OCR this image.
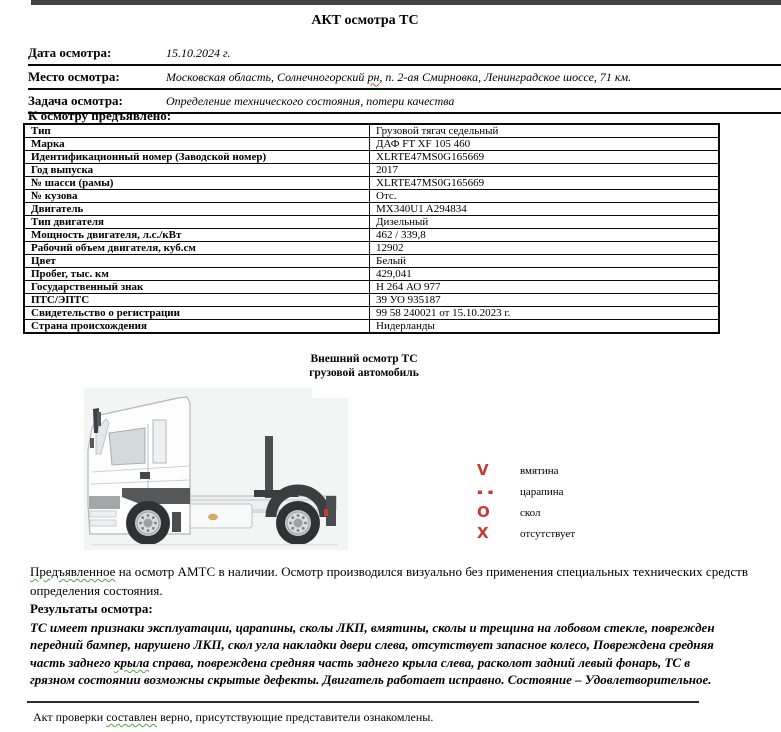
АКТ осмотра ТС
Дата осмотра:	15.10.2024 г.
Место осмотра:	Московская область, Солнечногорский рн, п. 2-ая Смирновка, Ленинградское шоссе, 71 км.
Задача осмотра:	Определение технического состояния, потери качества
К осмотру предъявлено:
Тип	Грузовой тягач седельный
Марка	ДАФ FT XF 105 460
Идентификационный номер (Заводской номер)	XLRTE47MS0G165669
Год выпуска	2017
№ шасси (рамы)	XLRTE47MS0G165669
№ кузова	Отс.
Двигатель	MX340U1 A294834
Тип двигателя	Дизельный
Мощность двигателя, л.с./кВт	462 / 339,8
Рабочий объем двигателя, куб.см	12902
Цвет	Белый
Пробег, тыс. км	429,041
Государственный знак	Н 264 АО 977
ПТС/ЭПТС	39 УО 935187
Свидетельство о регистрации	99 58 240021 от 15.10.2023 г.
Страна происхождения	Нидерланды
Внешний осмотр ТС
грузовой автомобиль
V	вмятина
- -	царапина
O	скол
X	отсутствует
Предъявленное на осмотр АМТС в наличии. Осмотр производился визуально без применения специальных технических средств определения состояния.
Результаты осмотра:
ТС имеет признаки эксплуатации, царапины, сколы ЛКП, вмятины, сколы и трещина на лобовом стекле, поврежден передний бампер, нарушено ЛКП, скол угла накладки двери слева, отсутствует запасное колесо, Повреждена средняя часть заднего крыла справа, повреждена средняя часть заднего крыла слева, расколот задний левый фонарь, ТС в грязном состоянии возможны скрытые дефекты. Двигатель работает исправно. Состояние – Удовлетворительное.
Акт проверки составлен верно, присутствующие представители ознакомлены.
